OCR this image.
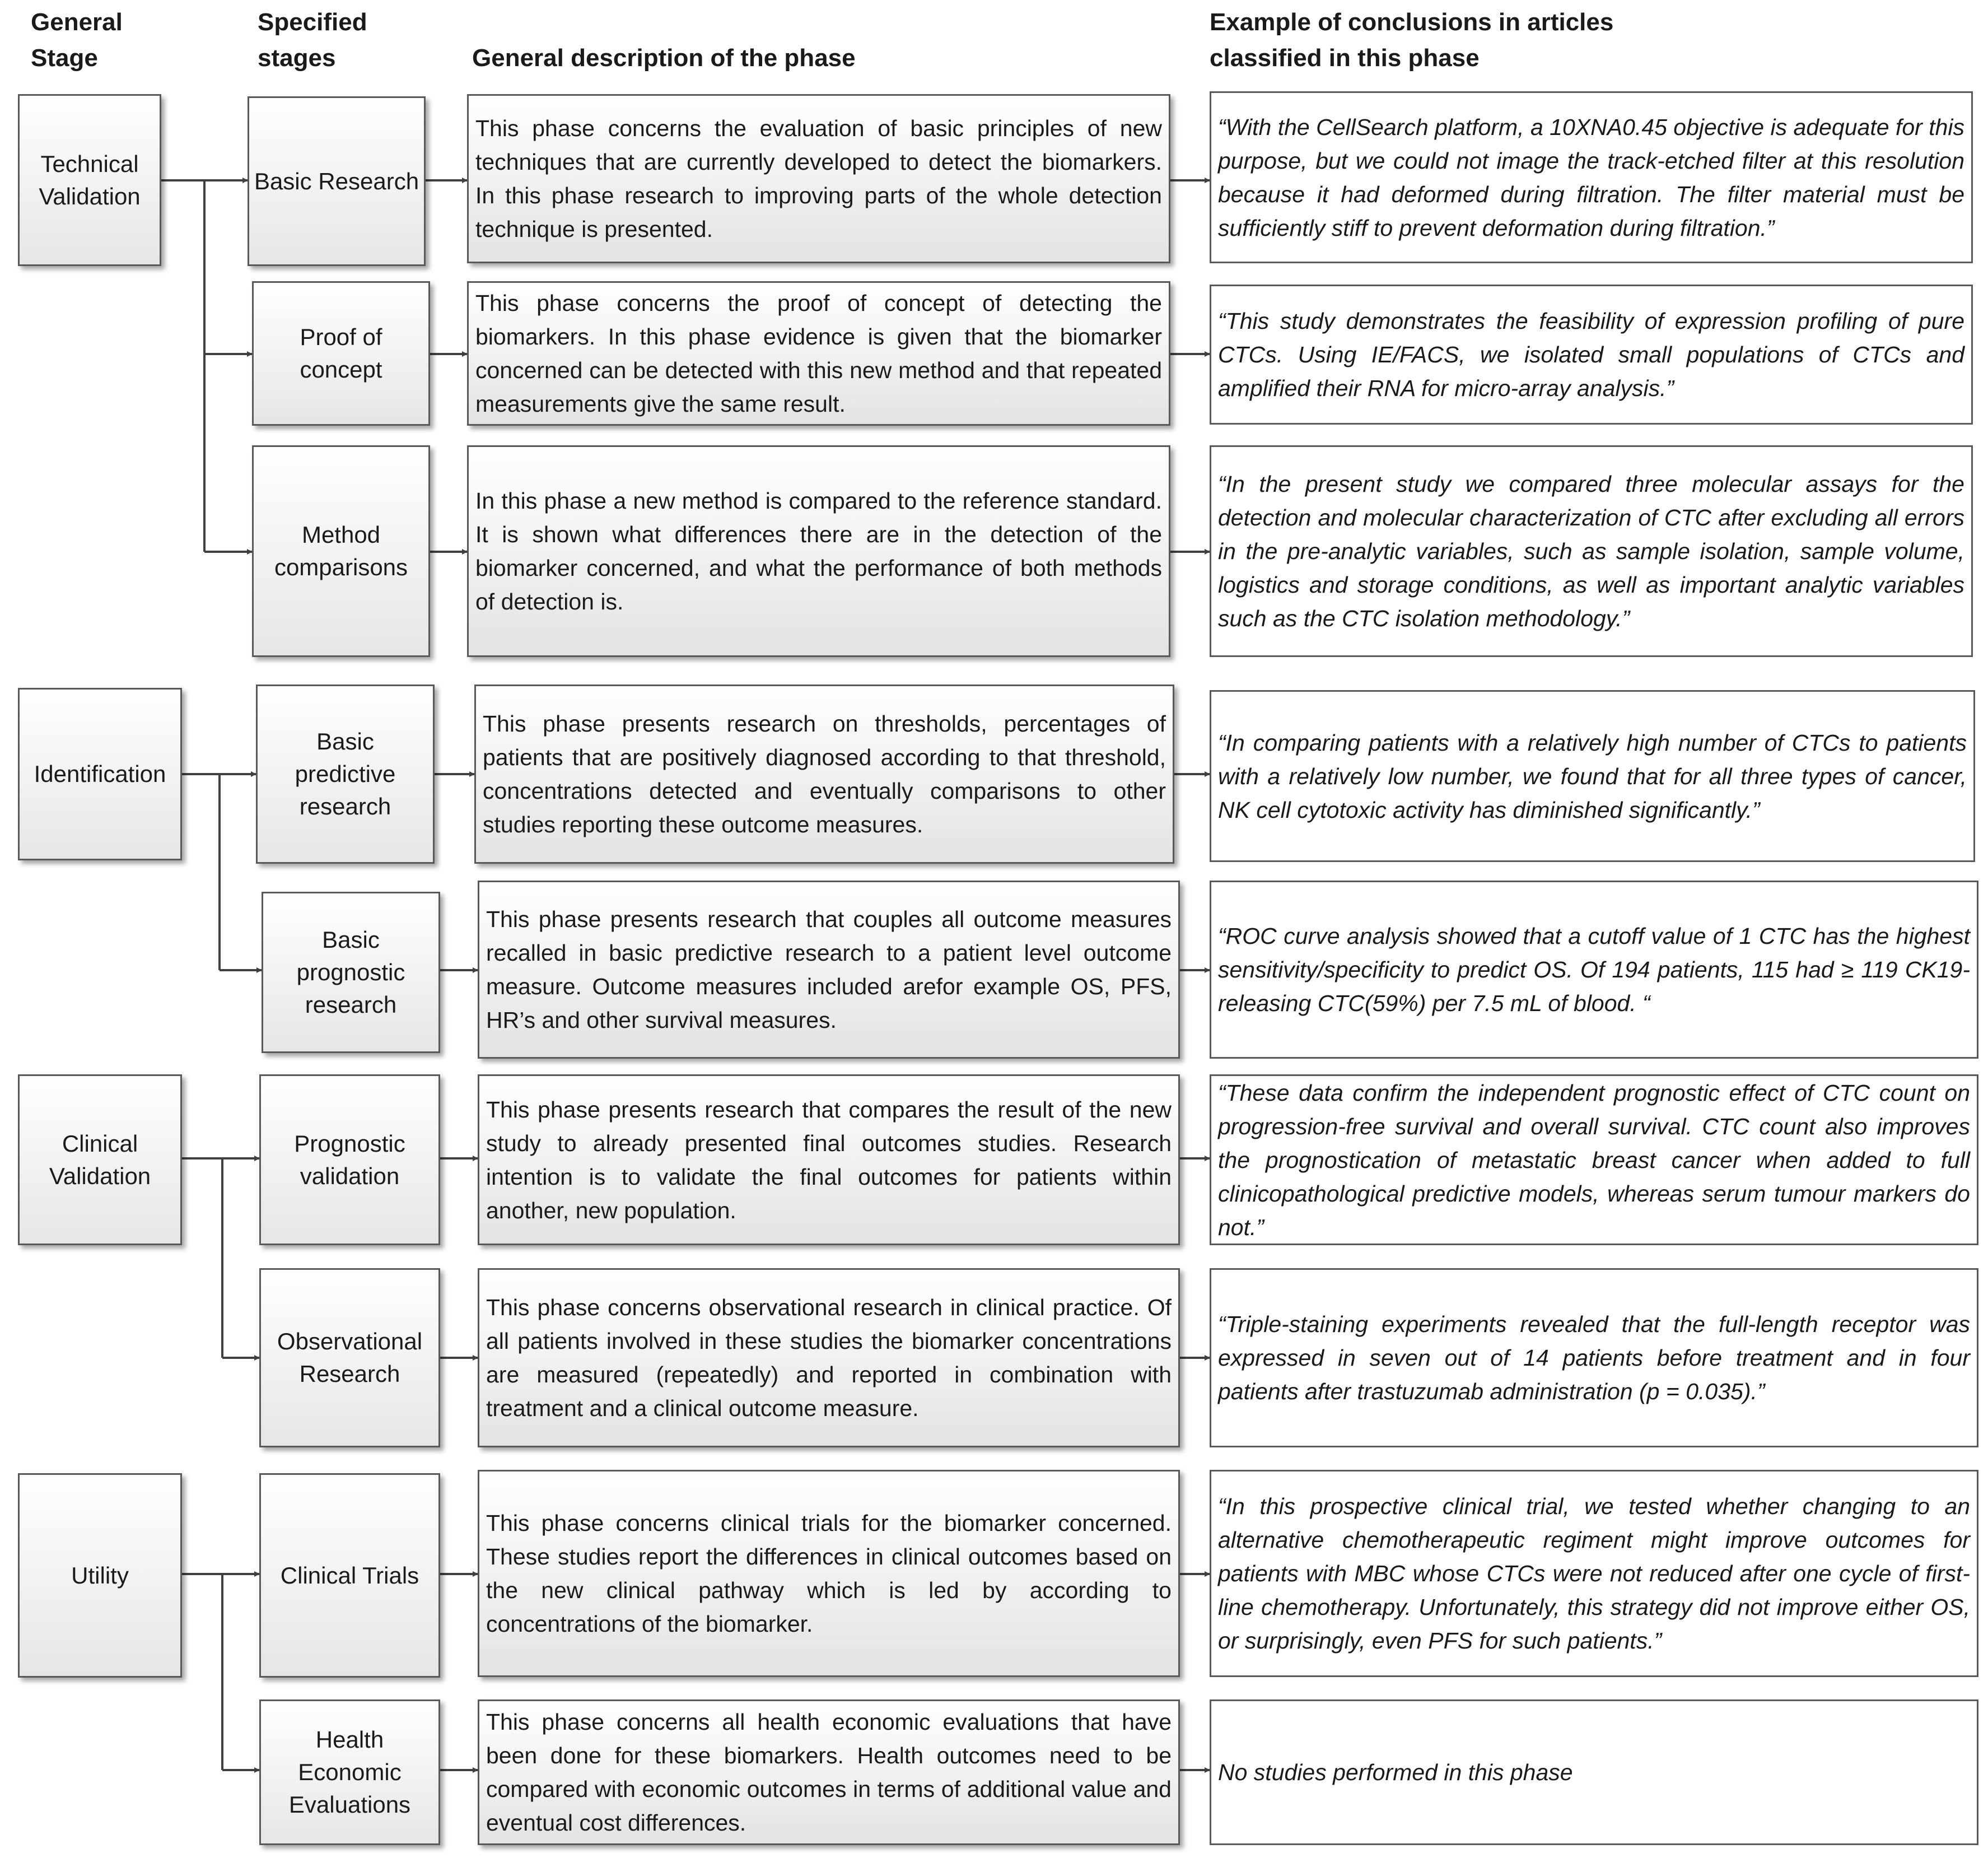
General Stage
Specified stages	General description of the phase
Example of conclusions in articles classified in this phase
Technical Validation
Identification
Clinical Validation
Utility
Basic Research
Proof of concept
Method comparisons
Basic predictive research
Basic prognostic research
Prognostic validation
Observational Research
Clinical Trials
Health Economic Evaluations
This phase concerns the evaluation of basic principles of new techniques that are currently developed to detect the biomarkers. In this phase research to improving parts of the whole detection technique is presented.
This phase concerns the proof of concept of detecting the biomarkers. In this phase evidence is given that the biomarker concerned can be detected with this new method and that repeated measurements give the same result.
In this phase a new method is compared to the reference standard. It is shown what differences there are in the detection of the biomarker concerned, and what the performance of both methods of detection is.
This phase presents research on thresholds, percentages of patients that are positively diagnosed according to that threshold, concentrations detected and eventually comparisons to other studies reporting these outcome measures.
This phase presents research that couples all outcome measures recalled in basic predictive research to a patient level outcome measure. Outcome measures included arefor example OS, PFS, HR’s and other survival measures.
This phase presents research that compares the result of the new study to already presented final outcomes studies. Research intention is to validate the final outcomes for patients within another, new population.
This phase concerns observational research in clinical practice. Of all patients involved in these studies the biomarker concentrations are measured (repeatedly) and reported in combination with treatment and a clinical outcome measure.
This phase concerns clinical trials for the biomarker concerned. These studies report the differences in clinical outcomes based on the new clinical pathway which is led by according to concentrations of the biomarker.
This phase concerns all health economic evaluations that have been done for these biomarkers. Health outcomes need to be compared with economic outcomes in terms of additional value and eventual cost differences.
“With the CellSearch platform, a 10XNA0.45 objective is adequate for this purpose, but we could not image the track-etched filter at this resolution because it had deformed during filtration. The filter material must be sufficiently stiff to prevent deformation during filtration.”
“This study demonstrates the feasibility of expression profiling of pure CTCs. Using IE/FACS, we isolated small populations of CTCs and amplified their RNA for micro-array analysis.”
“In the present study we compared three molecular assays for the detection and molecular characterization of CTC after excluding all errors in the pre-analytic variables, such as sample isolation, sample volume, logistics and storage conditions, as well as important analytic variables such as the CTC isolation methodology.”
“In comparing patients with a relatively high number of CTCs to patients with a relatively low number, we found that for all three types of cancer, NK cell cytotoxic activity has diminished significantly.”
“ROC curve analysis showed that a cutoff value of 1 CTC has the highest sensitivity/specificity to predict OS. Of 194 patients, 115 had ≥ 119 CK19-releasing CTC(59%) per 7.5 mL of blood. “
“These data confirm the independent prognostic effect of CTC count on progression-free survival and overall survival. CTC count also improves the prognostication of metastatic breast cancer when added to full clinicopathological predictive models, whereas serum tumour markers do not.”
“Triple-staining experiments revealed that the full-length receptor was expressed in seven out of 14 patients before treatment and in four patients after trastuzumab administration (p = 0.035).”
“In this prospective clinical trial, we tested whether changing to an alternative chemotherapeutic regiment might improve outcomes for patients with MBC whose CTCs were not reduced after one cycle of first-line chemotherapy. Unfortunately, this strategy did not improve either OS, or surprisingly, even PFS for such patients.”
No studies performed in this phase
